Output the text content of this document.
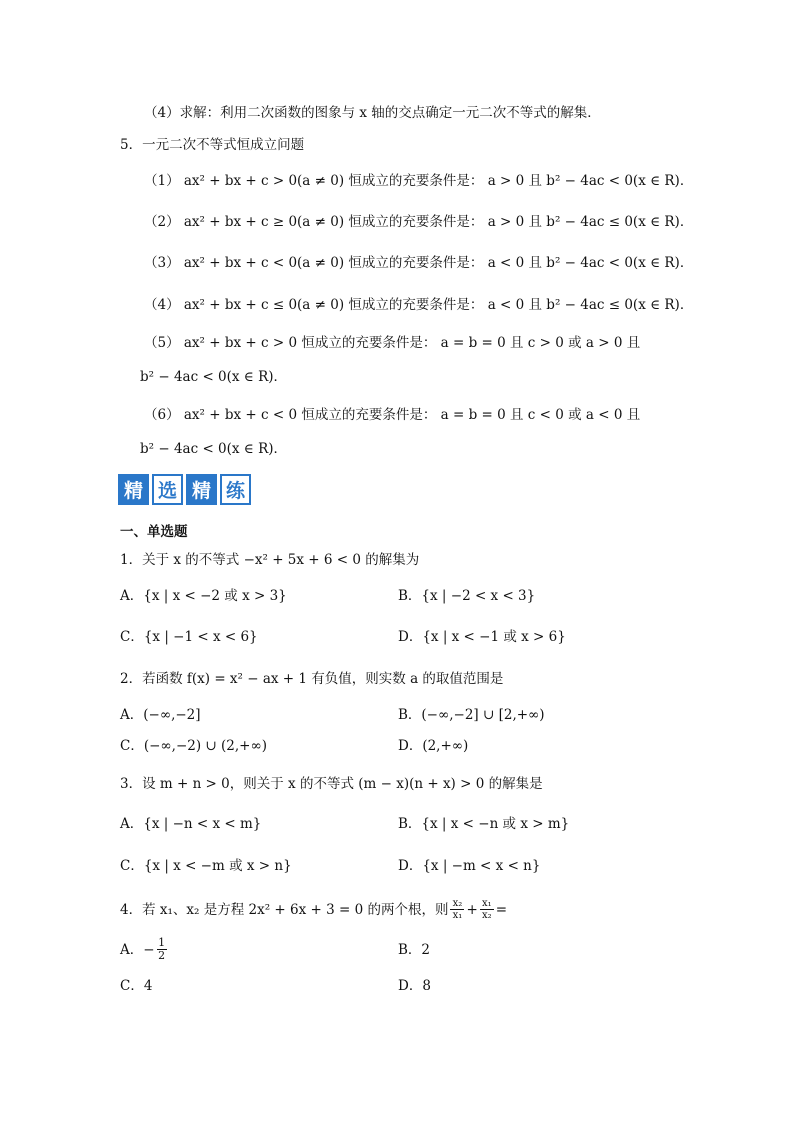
（4）求解：利用二次函数的图象与 x 轴的交点确定一元二次不等式的解集．
5．一元二次不等式恒成立问题
（1） ax² + bx + c > 0(a ≠ 0) 恒成立的充要条件是： a > 0 且 b² − 4ac < 0(x ∈ R)．
（2） ax² + bx + c ≥ 0(a ≠ 0) 恒成立的充要条件是： a > 0 且 b² − 4ac ≤ 0(x ∈ R)．
（3） ax² + bx + c < 0(a ≠ 0) 恒成立的充要条件是： a < 0 且 b² − 4ac < 0(x ∈ R)．
（4） ax² + bx + c ≤ 0(a ≠ 0) 恒成立的充要条件是： a < 0 且 b² − 4ac ≤ 0(x ∈ R)．
（5） ax² + bx + c > 0 恒成立的充要条件是： a = b = 0 且 c > 0 或 a > 0 且
b² − 4ac < 0(x ∈ R)．
（6） ax² + bx + c < 0 恒成立的充要条件是： a = b = 0 且 c < 0 或 a < 0 且
b² − 4ac < 0(x ∈ R)．
精 选 精 练
一、单选题
1．关于 x 的不等式 −x² + 5x + 6 < 0 的解集为
A．{x | x < −2 或 x > 3}	B．{x | −2 < x < 3}
C．{x | −1 < x < 6}	D．{x | x < −1 或 x > 6}
2．若函数 f(x) = x² − ax + 1 有负值，则实数 a 的取值范围是
A．(−∞,−2]	B．(−∞,−2] ∪ [2,+∞)
C．(−∞,−2) ∪ (2,+∞)	D．(2,+∞)
3．设 m + n > 0，则关于 x 的不等式 (m − x)(n + x) > 0 的解集是
A．{x | −n < x < m}	B．{x | x < −n 或 x > m}
C．{x | x < −m 或 x > n}	D．{x | −m < x < n}
4．若 x₁、x₂ 是方程 2x² + 6x + 3 = 0 的两个根，则 x₂
x₁ + x₁
x₂ =
A．− 1
2	B．2
C．4	D．8
